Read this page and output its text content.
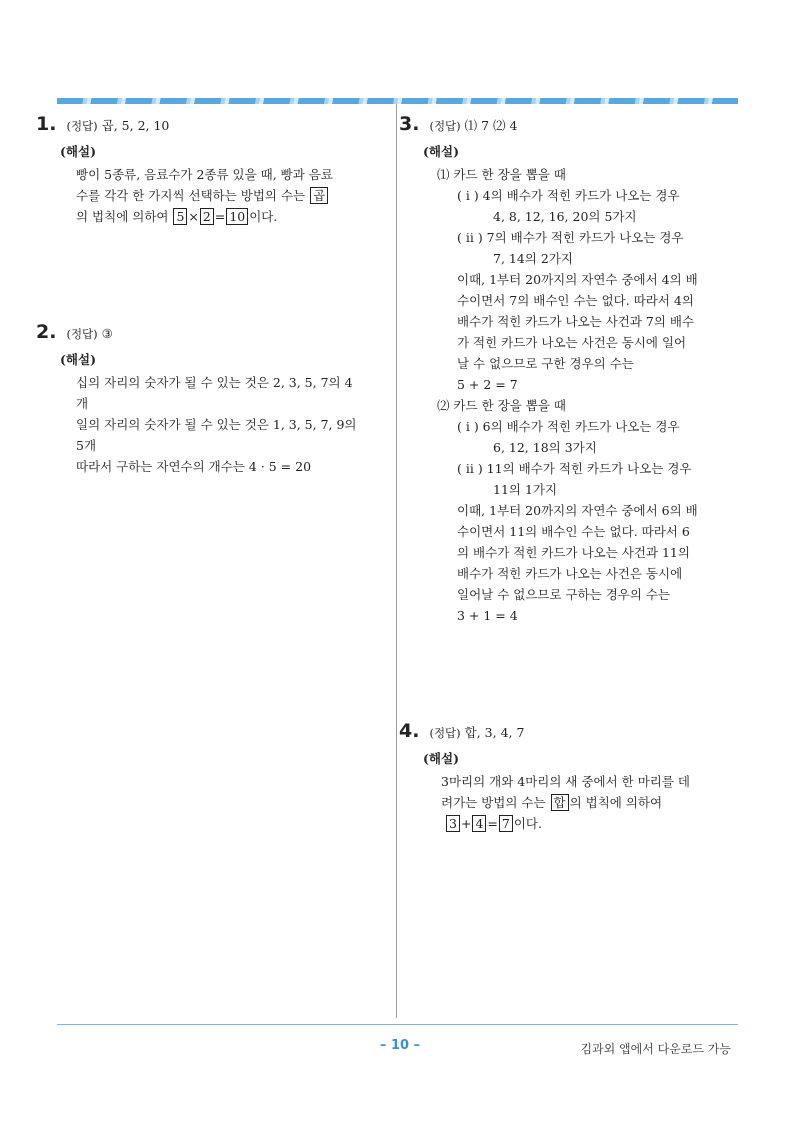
1. (정답) 곱, 5, 2, 10
(해설)
빵이 5종류, 음료수가 2종류 있을 때, 빵과 음료
수를 각각 한 가지씩 선택하는 방법의 수는 곱
의 법칙에 의하여 5 × 2 = 10 이다.
2. (정답) ③
(해설)
십의 자리의 숫자가 될 수 있는 것은 2, 3, 5, 7의 4
개
일의 자리의 숫자가 될 수 있는 것은 1, 3, 5, 7, 9의
5개
따라서 구하는 자연수의 개수는 4 · 5 = 20
3. (정답) ⑴ 7 ⑵ 4
(해설)
⑴ 카드 한 장을 뽑을 때
( i ) 4의 배수가 적힌 카드가 나오는 경우
4, 8, 12, 16, 20의 5가지
( ii ) 7의 배수가 적힌 카드가 나오는 경우
7, 14의 2가지
이때, 1부터 20까지의 자연수 중에서 4의 배
수이면서 7의 배수인 수는 없다. 따라서 4의
배수가 적힌 카드가 나오는 사건과 7의 배수
가 적힌 카드가 나오는 사건은 동시에 일어
날 수 없으므로 구한 경우의 수는
5 + 2 = 7
⑵ 카드 한 장을 뽑을 때
( i ) 6의 배수가 적힌 카드가 나오는 경우
6, 12, 18의 3가지
( ii ) 11의 배수가 적힌 카드가 나오는 경우
11의 1가지
이때, 1부터 20까지의 자연수 중에서 6의 배
수이면서 11의 배수인 수는 없다. 따라서 6
의 배수가 적힌 카드가 나오는 사건과 11의
배수가 적힌 카드가 나오는 사건은 동시에
일어날 수 없으므로 구하는 경우의 수는
3 + 1 = 4
4. (정답) 합, 3, 4, 7
(해설)
3마리의 개와 4마리의 새 중에서 한 마리를 데
려가는 방법의 수는 합 의 법칙에 의하여
3 + 4 = 7 이다.
– 10 –	김과외 앱에서 다운로드 가능
